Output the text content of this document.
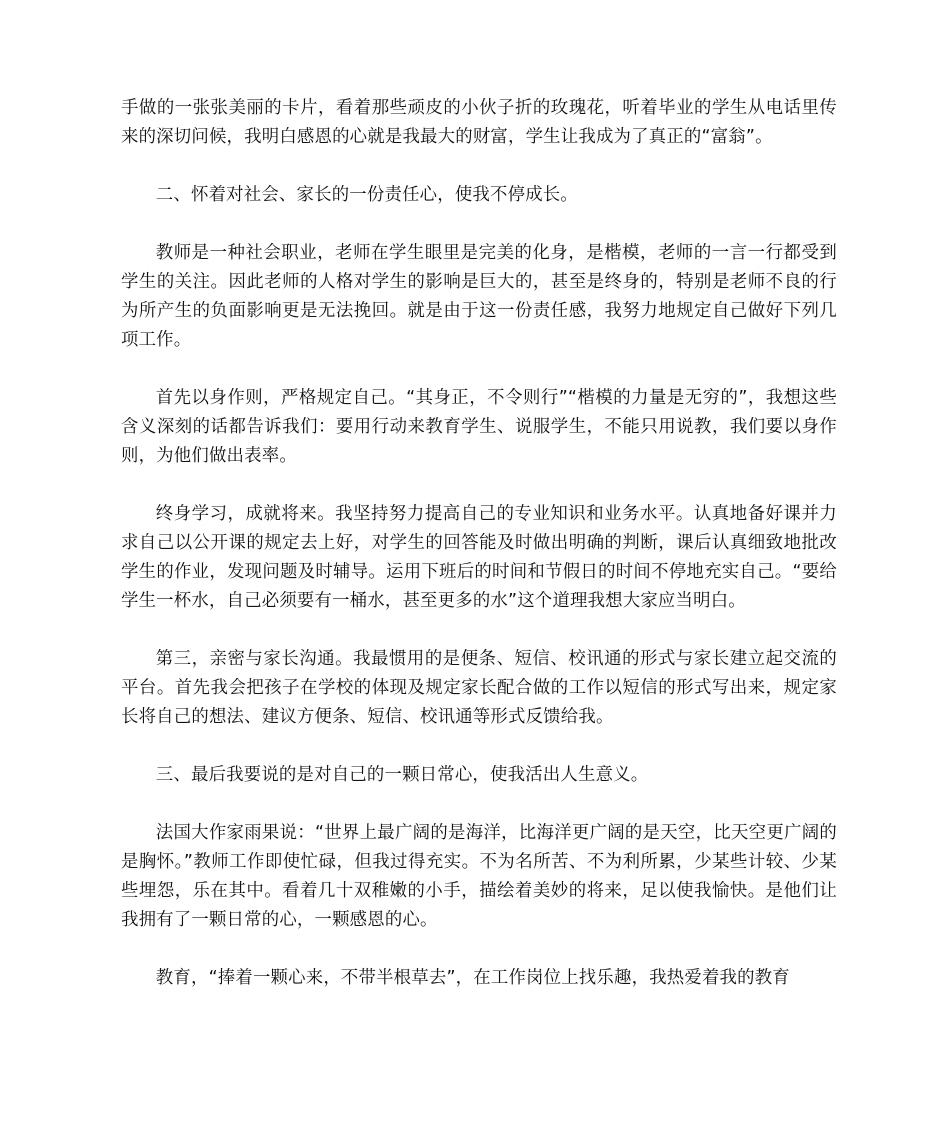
手做的一张张美丽的卡片，看着那些顽皮的小伙子折的玫瑰花，听着毕业的学生从电话里传来的深切问候，我明白感恩的心就是我最大的财富，学生让我成为了真正的“富翁”。

二、怀着对社会、家长的一份责任心，使我不停成长。

教师是一种社会职业，老师在学生眼里是完美的化身，是楷模，老师的一言一行都受到学生的关注。因此老师的人格对学生的影响是巨大的，甚至是终身的，特别是老师不良的行为所产生的负面影响更是无法挽回。就是由于这一份责任感，我努力地规定自己做好下列几项工作。

首先以身作则，严格规定自己。“其身正，不令则行”“楷模的力量是无穷的”，我想这些含义深刻的话都告诉我们：要用行动来教育学生、说服学生，不能只用说教，我们要以身作则，为他们做出表率。

终身学习，成就将来。我坚持努力提高自己的专业知识和业务水平。认真地备好课并力求自己以公开课的规定去上好，对学生的回答能及时做出明确的判断，课后认真细致地批改学生的作业，发现问题及时辅导。运用下班后的时间和节假日的时间不停地充实自己。“要给学生一杯水，自己必须要有一桶水，甚至更多的水”这个道理我想大家应当明白。

第三，亲密与家长沟通。我最惯用的是便条、短信、校讯通的形式与家长建立起交流的平台。首先我会把孩子在学校的体现及规定家长配合做的工作以短信的形式写出来，规定家长将自己的想法、建议方便条、短信、校讯通等形式反馈给我。

三、最后我要说的是对自己的一颗日常心，使我活出人生意义。

法国大作家雨果说：“世界上最广阔的是海洋，比海洋更广阔的是天空，比天空更广阔的是胸怀。”教师工作即使忙碌，但我过得充实。不为名所苦、不为利所累，少某些计较、少某些埋怨，乐在其中。看着几十双稚嫩的小手，描绘着美妙的将来，足以使我愉快。是他们让我拥有了一颗日常的心，一颗感恩的心。

教育，“捧着一颗心来，不带半根草去”，在工作岗位上找乐趣，我热爱着我的教育
